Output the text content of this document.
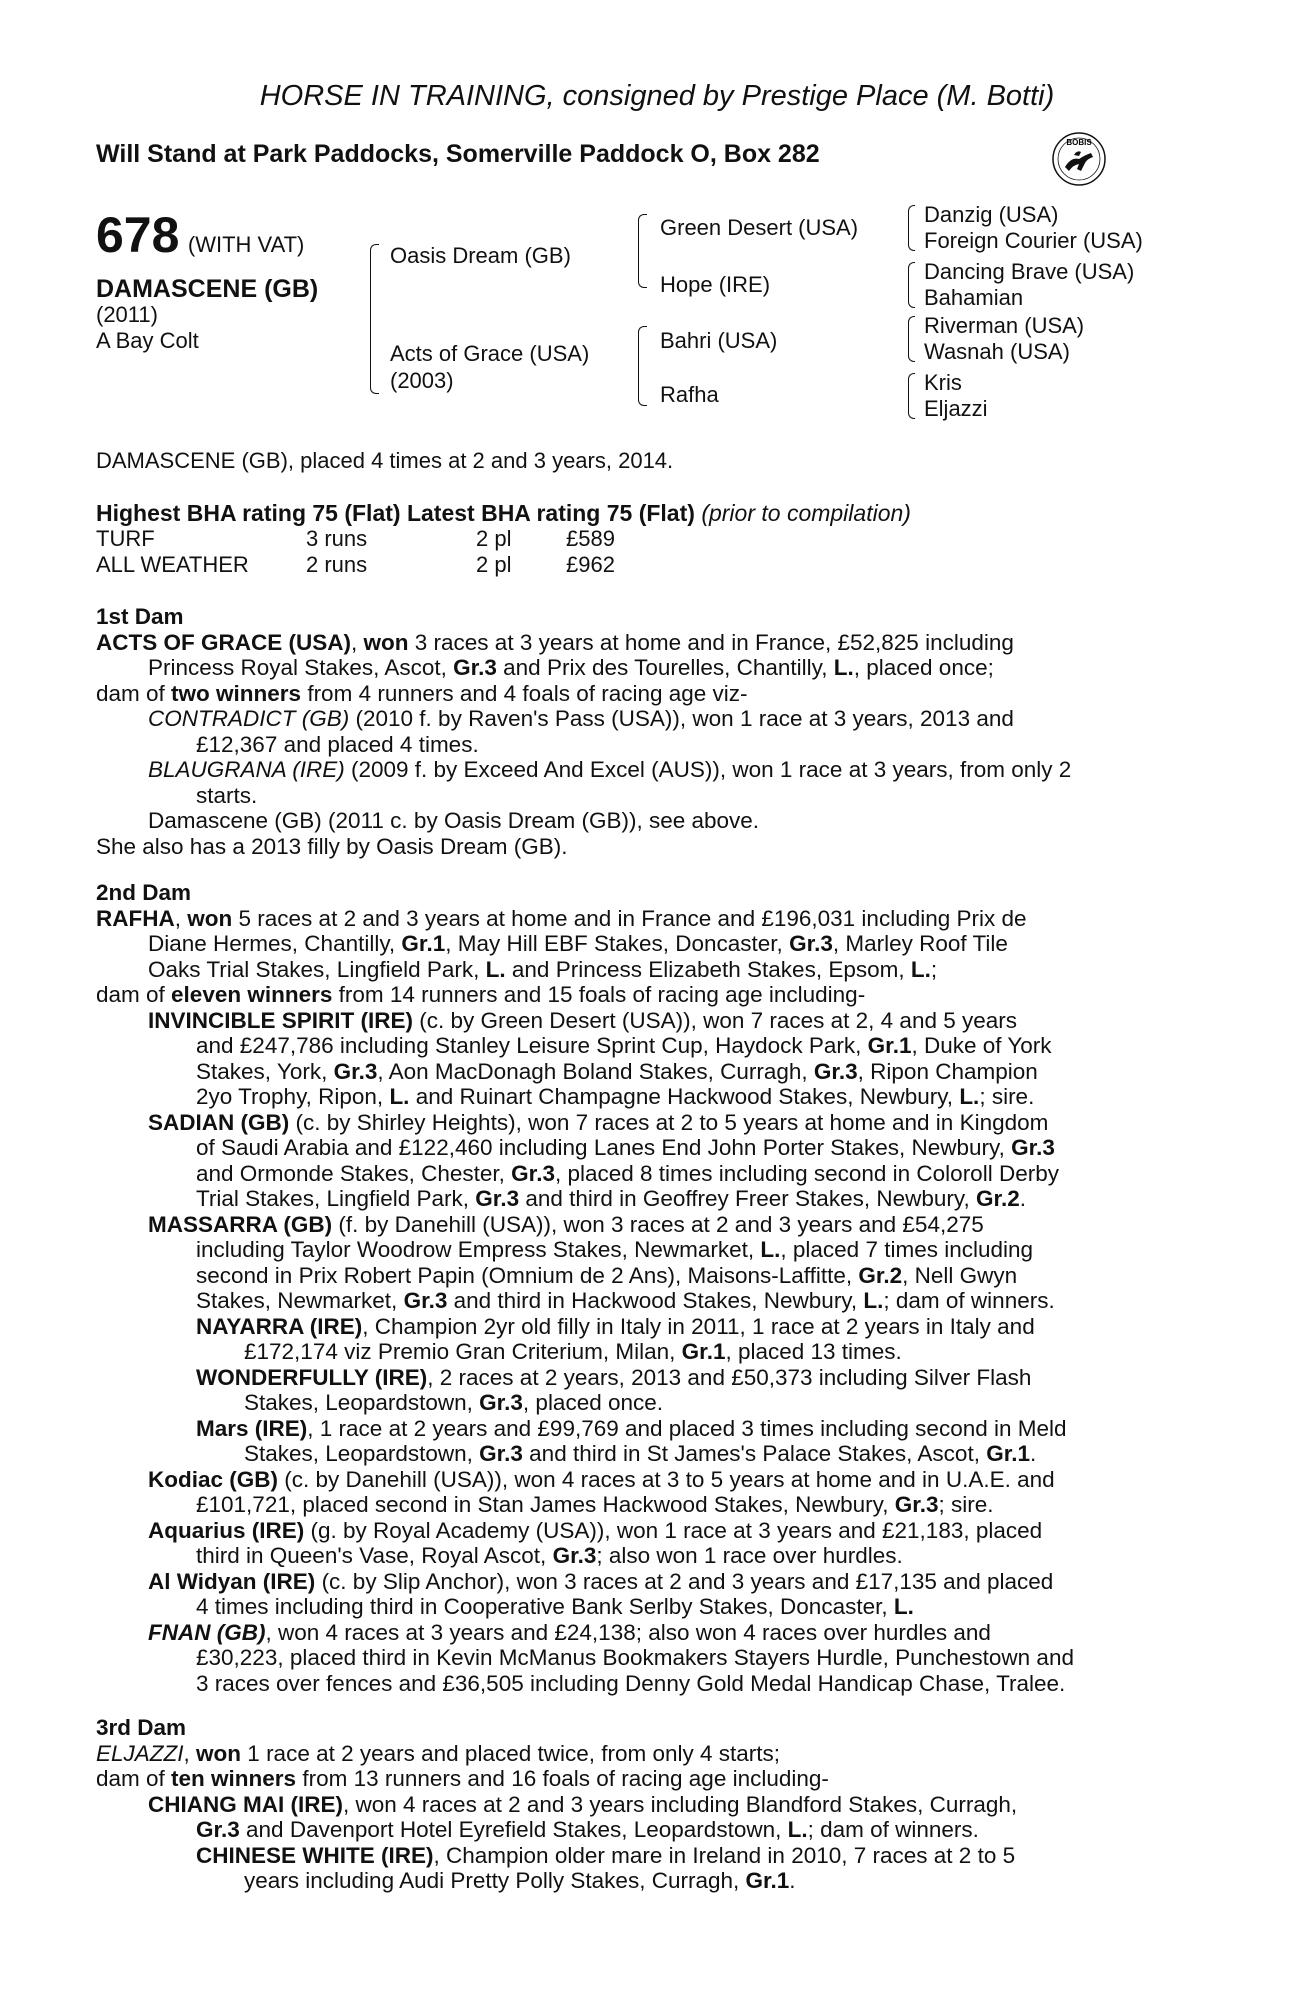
HORSE IN TRAINING, consigned by Prestige Place (M. Botti)
Will Stand at Park Paddocks, Somerville Paddock O, Box 282	BOBIS
678 (WITH VAT)
DAMASCENE (GB)
(2011)
A Bay Colt
Oasis Dream (GB)
Acts of Grace (USA)
(2003)
Green Desert (USA)
Hope (IRE)
Bahri (USA)
Rafha
Danzig (USA)
Foreign Courier (USA)
Dancing Brave (USA)
Bahamian
Riverman (USA)
Wasnah (USA)
Kris
Eljazzi
DAMASCENE (GB), placed 4 times at 2 and 3 years, 2014.
Highest BHA rating 75 (Flat) Latest BHA rating 75 (Flat) (prior to compilation)
TURF	3 runs	2 pl £589
ALL WEATHER	2 runs	2 pl £962

1st Dam

ACTS OF GRACE (USA), won 3 races at 3 years at home and in France, £52,825 including

Princess Royal Stakes, Ascot, Gr.3 and Prix des Tourelles, Chantilly, L., placed once;

dam of two winners from 4 runners and 4 foals of racing age viz-

CONTRADICT (GB) (2010 f. by Raven's Pass (USA)), won 1 race at 3 years, 2013 and

£12,367 and placed 4 times.

BLAUGRANA (IRE) (2009 f. by Exceed And Excel (AUS)), won 1 race at 3 years, from only 2

starts.

Damascene (GB) (2011 c. by Oasis Dream (GB)), see above.

She also has a 2013 filly by Oasis Dream (GB).

2nd Dam

RAFHA, won 5 races at 2 and 3 years at home and in France and £196,031 including Prix de

Diane Hermes, Chantilly, Gr.1, May Hill EBF Stakes, Doncaster, Gr.3, Marley Roof Tile

Oaks Trial Stakes, Lingfield Park, L. and Princess Elizabeth Stakes, Epsom, L.;

dam of eleven winners from 14 runners and 15 foals of racing age including-

INVINCIBLE SPIRIT (IRE) (c. by Green Desert (USA)), won 7 races at 2, 4 and 5 years

and £247,786 including Stanley Leisure Sprint Cup, Haydock Park, Gr.1, Duke of York

Stakes, York, Gr.3, Aon MacDonagh Boland Stakes, Curragh, Gr.3, Ripon Champion

2yo Trophy, Ripon, L. and Ruinart Champagne Hackwood Stakes, Newbury, L.; sire.

SADIAN (GB) (c. by Shirley Heights), won 7 races at 2 to 5 years at home and in Kingdom

of Saudi Arabia and £122,460 including Lanes End John Porter Stakes, Newbury, Gr.3

and Ormonde Stakes, Chester, Gr.3, placed 8 times including second in Coloroll Derby

Trial Stakes, Lingfield Park, Gr.3 and third in Geoffrey Freer Stakes, Newbury, Gr.2.

MASSARRA (GB) (f. by Danehill (USA)), won 3 races at 2 and 3 years and £54,275

including Taylor Woodrow Empress Stakes, Newmarket, L., placed 7 times including

second in Prix Robert Papin (Omnium de 2 Ans), Maisons-Laffitte, Gr.2, Nell Gwyn

Stakes, Newmarket, Gr.3 and third in Hackwood Stakes, Newbury, L.; dam of winners.

NAYARRA (IRE), Champion 2yr old filly in Italy in 2011, 1 race at 2 years in Italy and

£172,174 viz Premio Gran Criterium, Milan, Gr.1, placed 13 times.

WONDERFULLY (IRE), 2 races at 2 years, 2013 and £50,373 including Silver Flash

Stakes, Leopardstown, Gr.3, placed once.

Mars (IRE), 1 race at 2 years and £99,769 and placed 3 times including second in Meld

Stakes, Leopardstown, Gr.3 and third in St James's Palace Stakes, Ascot, Gr.1.

Kodiac (GB) (c. by Danehill (USA)), won 4 races at 3 to 5 years at home and in U.A.E. and

£101,721, placed second in Stan James Hackwood Stakes, Newbury, Gr.3; sire.

Aquarius (IRE) (g. by Royal Academy (USA)), won 1 race at 3 years and £21,183, placed

third in Queen's Vase, Royal Ascot, Gr.3; also won 1 race over hurdles.

Al Widyan (IRE) (c. by Slip Anchor), won 3 races at 2 and 3 years and £17,135 and placed

4 times including third in Cooperative Bank Serlby Stakes, Doncaster, L.

FNAN (GB), won 4 races at 3 years and £24,138; also won 4 races over hurdles and

£30,223, placed third in Kevin McManus Bookmakers Stayers Hurdle, Punchestown and

3 races over fences and £36,505 including Denny Gold Medal Handicap Chase, Tralee.

3rd Dam

ELJAZZI, won 1 race at 2 years and placed twice, from only 4 starts;

dam of ten winners from 13 runners and 16 foals of racing age including-

CHIANG MAI (IRE), won 4 races at 2 and 3 years including Blandford Stakes, Curragh,

Gr.3 and Davenport Hotel Eyrefield Stakes, Leopardstown, L.; dam of winners.

CHINESE WHITE (IRE), Champion older mare in Ireland in 2010, 7 races at 2 to 5

years including Audi Pretty Polly Stakes, Curragh, Gr.1.
